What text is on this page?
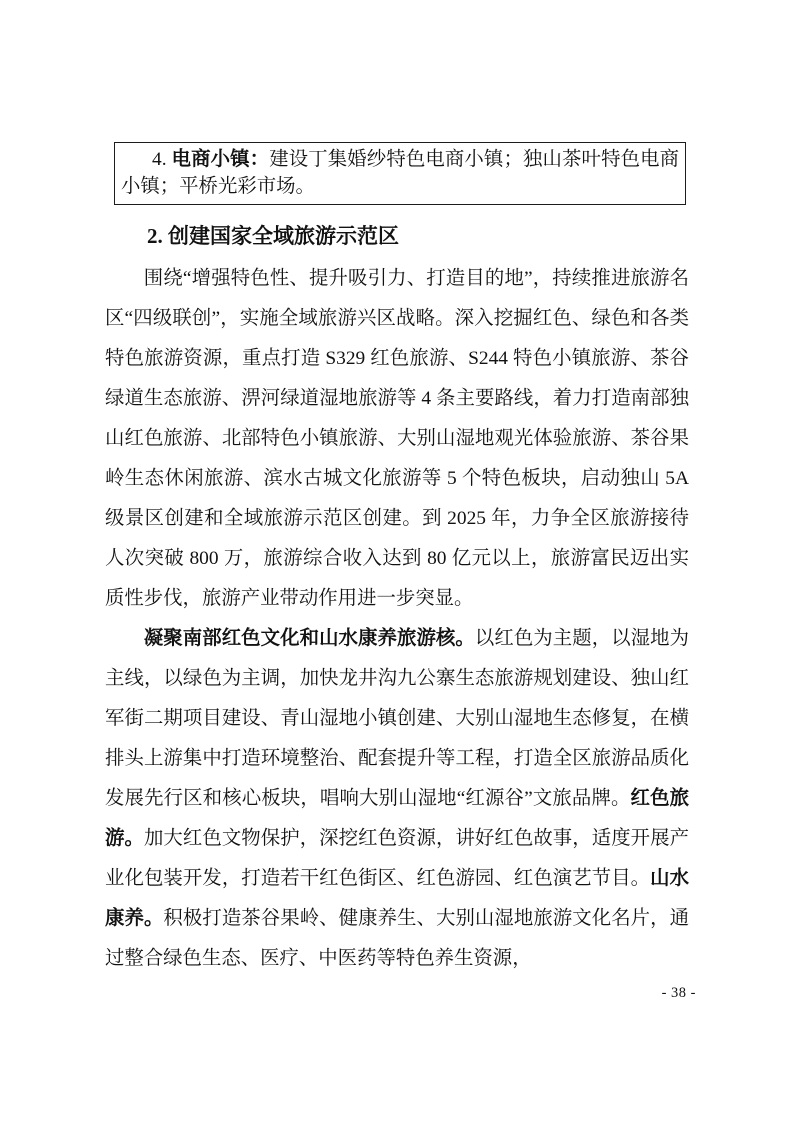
4. 电商小镇：建设丁集婚纱特色电商小镇；独山茶叶特色电商小镇；平桥光彩市场。

2. 创建国家全域旅游示范区

围绕“增强特色性、提升吸引力、打造目的地”，持续推进旅游名区“四级联创”，实施全域旅游兴区战略。深入挖掘红色、绿色和各类特色旅游资源，重点打造 S329 红色旅游、S244 特色小镇旅游、茶谷绿道生态旅游、淠河绿道湿地旅游等 4 条主要路线，着力打造南部独山红色旅游、北部特色小镇旅游、大别山湿地观光体验旅游、茶谷果岭生态休闲旅游、滨水古城文化旅游等 5 个特色板块，启动独山 5A 级景区创建和全域旅游示范区创建。到 2025 年，力争全区旅游接待人次突破 800 万，旅游综合收入达到 80 亿元以上，旅游富民迈出实质性步伐，旅游产业带动作用进一步突显。

凝聚南部红色文化和山水康养旅游核。以红色为主题，以湿地为主线，以绿色为主调，加快龙井沟九公寨生态旅游规划建设、独山红军街二期项目建设、青山湿地小镇创建、大别山湿地生态修复，在横排头上游集中打造环境整治、配套提升等工程，打造全区旅游品质化发展先行区和核心板块，唱响大别山湿地“红源谷”文旅品牌。红色旅游。加大红色文物保护，深挖红色资源，讲好红色故事，适度开展产业化包装开发，打造若干红色街区、红色游园、红色演艺节目。山水康养。积极打造茶谷果岭、健康养生、大别山湿地旅游文化名片，通过整合绿色生态、医疗、中医药等特色养生资源，

- 38 -
